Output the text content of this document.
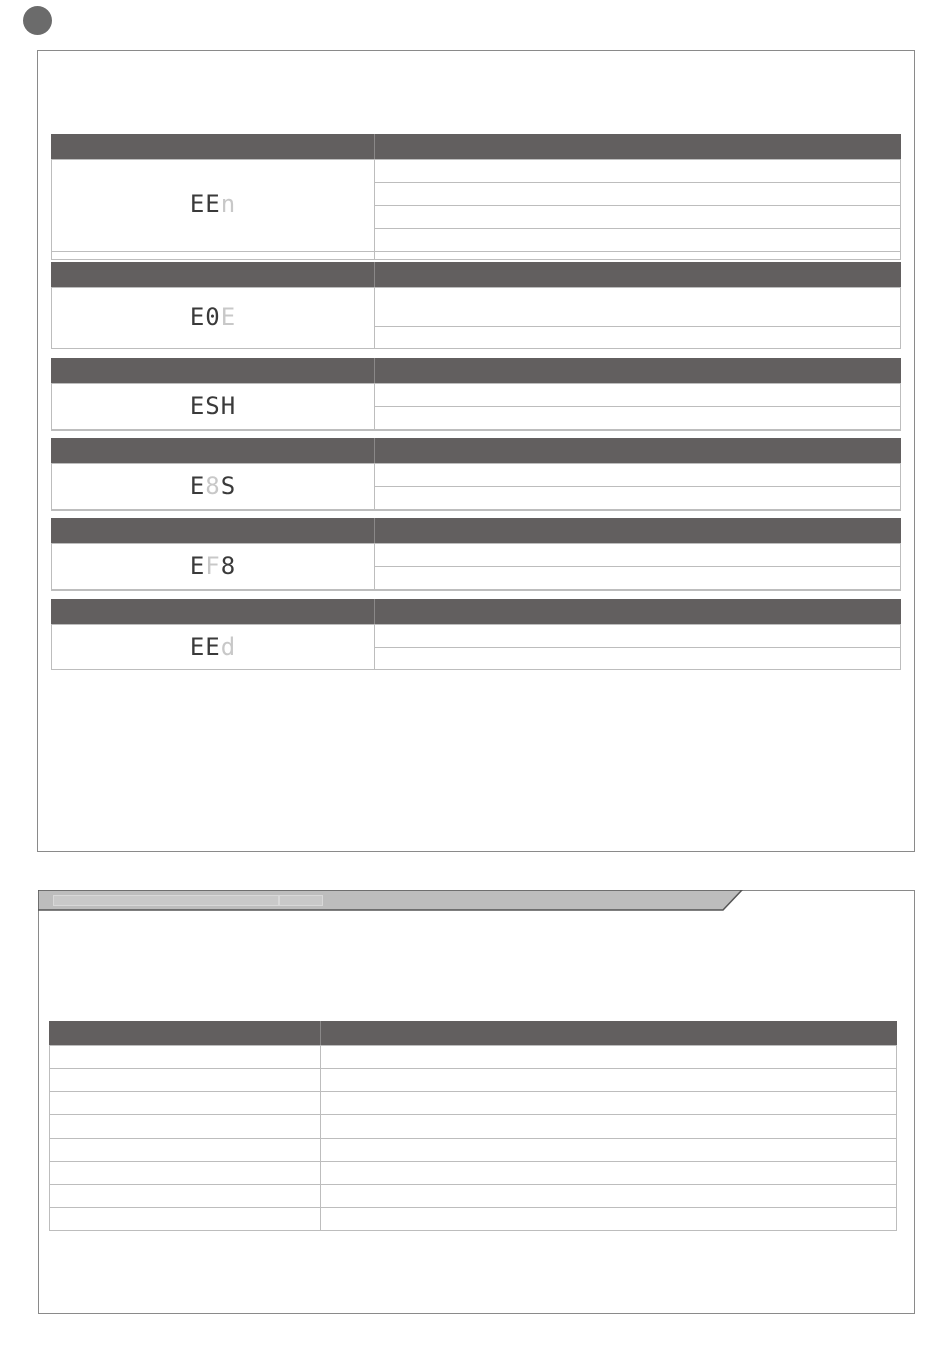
EEn
E0E
ESH
E8S
EF8
EEd
